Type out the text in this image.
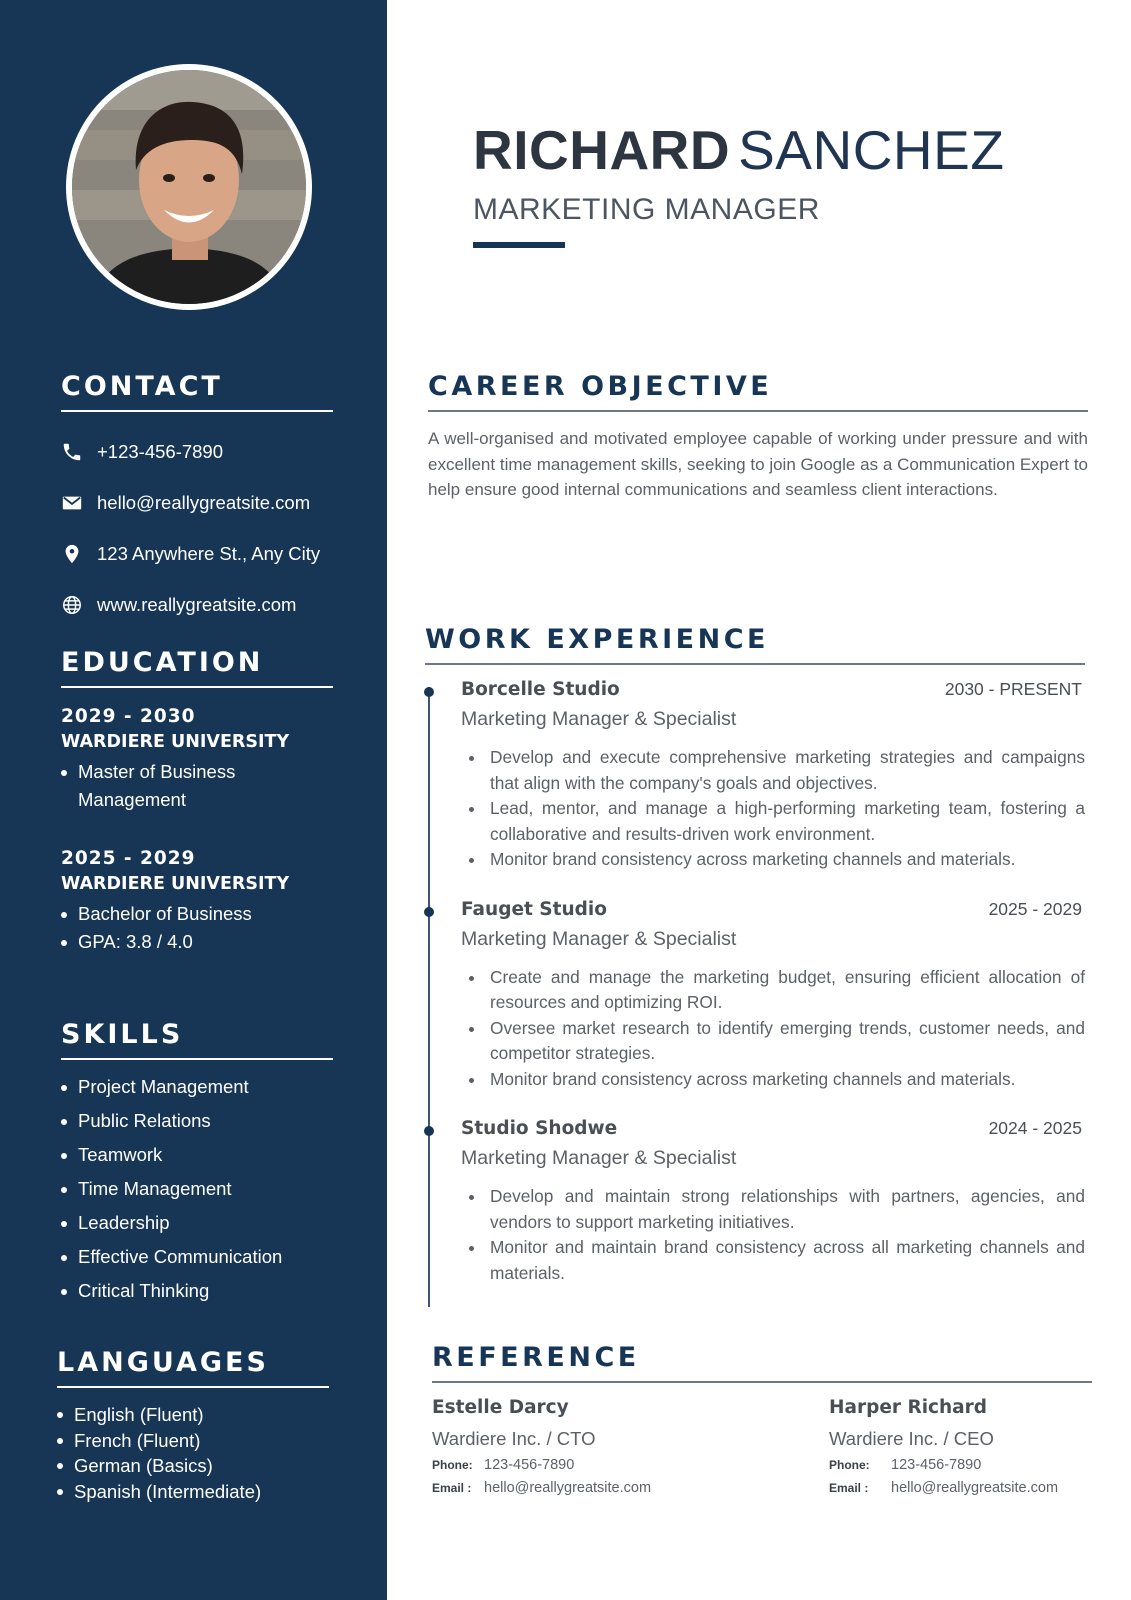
CONTACT
+123-456-7890
hello@reallygreatsite.com
123 Anywhere St., Any City
www.reallygreatsite.com
EDUCATION
2029 - 2030
WARDIERE UNIVERSITY
Master of Business Management
2025 - 2029
WARDIERE UNIVERSITY
Bachelor of Business
GPA: 3.8 / 4.0
SKILLS
Project Management
Public Relations
Teamwork
Time Management
Leadership
Effective Communication
Critical Thinking
LANGUAGES
English (Fluent)
French (Fluent)
German (Basics)
Spanish (Intermediate)
RICHARD SANCHEZ
MARKETING MANAGER
CAREER OBJECTIVE

A well-organised and motivated employee capable of working under pressure and with excellent time management skills, seeking to join Google as a Communication Expert to help ensure good internal communications and seamless client interactions.

WORK EXPERIENCE
Borcelle Studio	2030 - PRESENT
Marketing Manager & Specialist
Develop and execute comprehensive marketing strategies and campaigns that align with the company's goals and objectives.
Lead, mentor, and manage a high-performing marketing team, fostering a collaborative and results-driven work environment.
Monitor brand consistency across marketing channels and materials.
Fauget Studio	2025 - 2029
Marketing Manager & Specialist
Create and manage the marketing budget, ensuring efficient allocation of resources and optimizing ROI.
Oversee market research to identify emerging trends, customer needs, and competitor strategies.
Monitor brand consistency across marketing channels and materials.
Studio Shodwe	2024 - 2025
Marketing Manager & Specialist
Develop and maintain strong relationships with partners, agencies, and vendors to support marketing initiatives.
Monitor and maintain brand consistency across all marketing channels and materials.
REFERENCE
Estelle Darcy
Wardiere Inc. / CTO
Phone: 123-456-7890
Email : hello@reallygreatsite.com
Harper Richard
Wardiere Inc. / CEO
Phone:	123-456-7890
Email :	hello@reallygreatsite.com
